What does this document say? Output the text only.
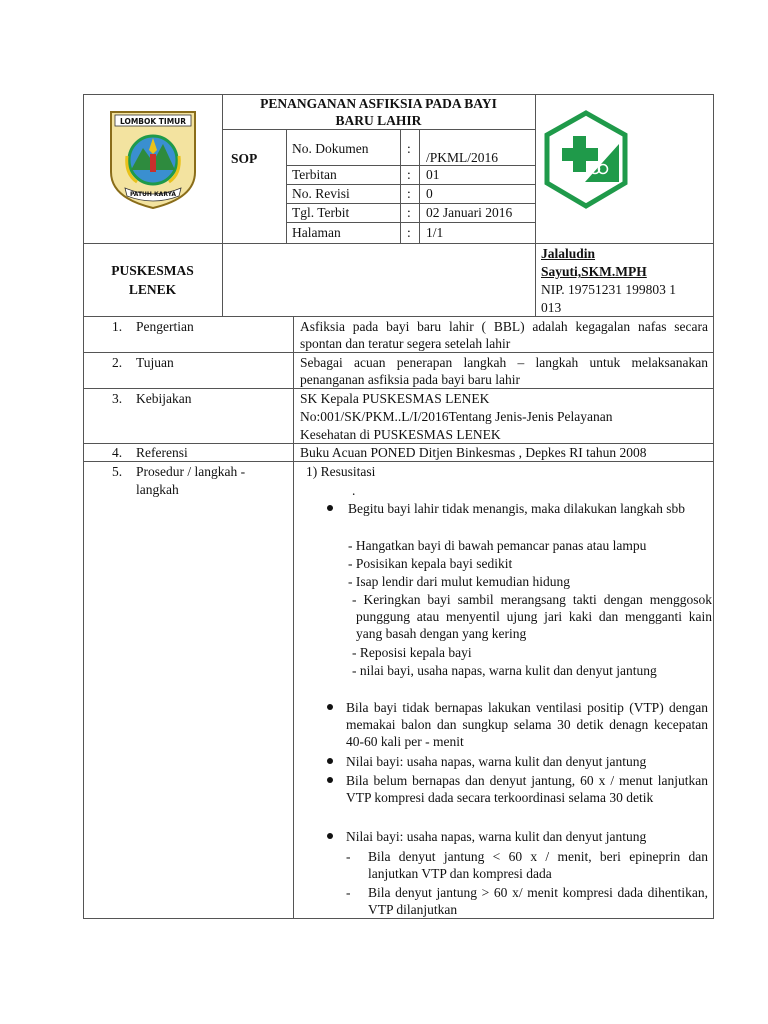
LOMBOK TIMUR
PATUH KARYA
PENANGANAN ASFIKSIA PADA BAYI
BARU LAHIR
SOP
No. Dokumen	:
/PKML/2016
Terbitan	: 01
No. Revisi	: 0
Tgl. Terbit	: 02 Januari 2016
Halaman	: 1/1
PUSKESMAS
LENEK
Jalaludin
Sayuti,SKM.MPH
NIP. 19751231 199803 1
013
1. Pengertian	Asfiksia pada bayi baru lahir ( BBL) adalah kegagalan nafas secara spontan dan teratur segera setelah lahir
2. Tujuan	Sebagai acuan penerapan langkah – langkah untuk melaksanakan penanganan asfiksia pada bayi baru lahir
3. Kebijakan	SK Kepala PUSKESMAS LENEK
No:001/SK/PKM..L/I/2016Tentang Jenis-Jenis Pelayanan
Kesehatan di PUSKESMAS LENEK
4. Referensi	Buku Acuan PONED Ditjen Binkesmas , Depkes RI tahun 2008
5. Prosedur / langkah -
langkah
1) Resusitasi
.
Begitu bayi lahir tidak menangis, maka dilakukan langkah sbb
- Hangatkan bayi di bawah pemancar panas atau lampu
- Posisikan kepala bayi sedikit
- Isap lendir dari mulut kemudian hidung
- Keringkan bayi sambil merangsang takti dengan menggosok punggung atau menyentil ujung jari kaki dan mengganti kain yang basah dengan yang kering
- Reposisi kepala bayi
- nilai bayi, usaha napas, warna kulit dan denyut jantung
Bila bayi tidak bernapas lakukan ventilasi positip (VTP) dengan memakai balon dan sungkup selama 30 detik denagn kecepatan 40-60 kali per - menit
Nilai bayi: usaha napas, warna kulit dan denyut jantung
Bila belum bernapas dan denyut jantung, 60 x / menut lanjutkan VTP kompresi dada secara terkoordinasi selama 30 detik
Nilai bayi: usaha napas, warna kulit dan denyut jantung
- Bila denyut jantung < 60 x / menit, beri epineprin dan lanjutkan VTP dan kompresi dada
- Bila denyut jantung > 60 x/ menit kompresi dada dihentikan, VTP dilanjutkan
